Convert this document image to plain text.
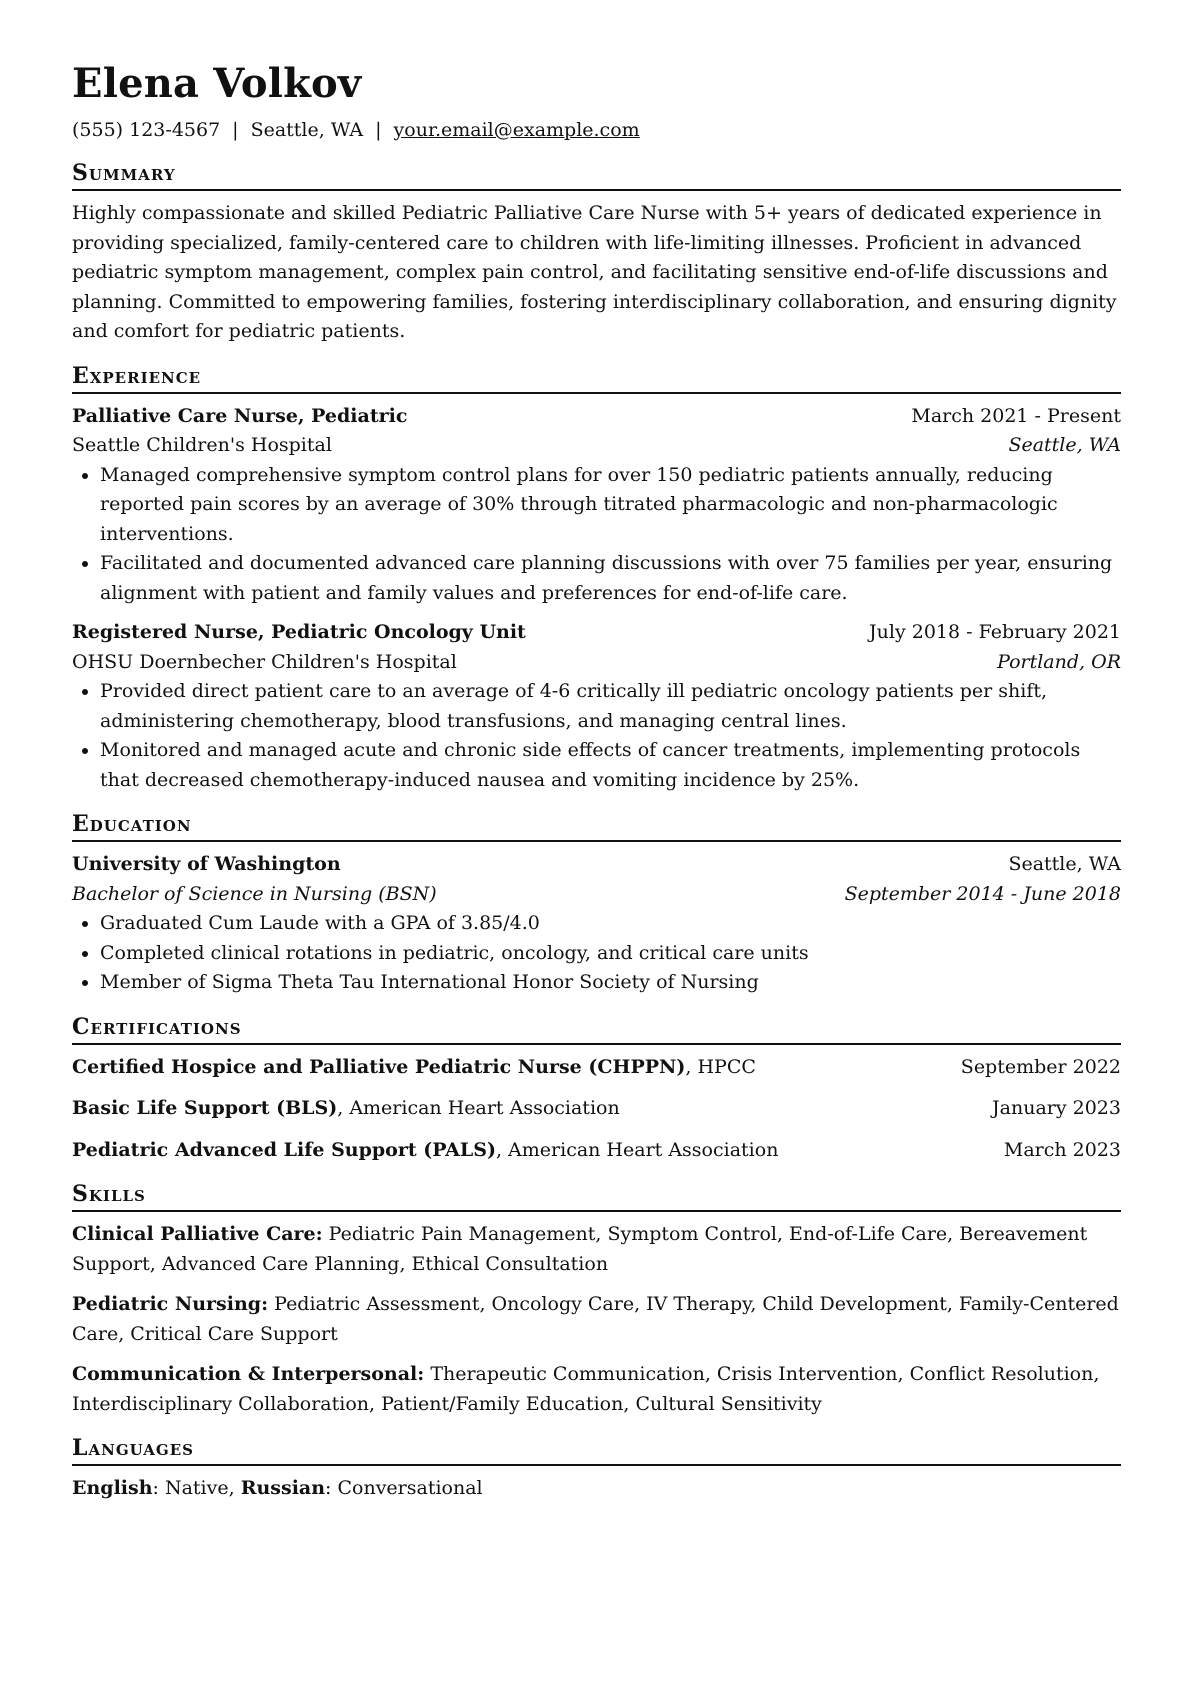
Elena Volkov
(555) 123-4567 | Seattle, WA | your.email@example.com
Summary

Highly compassionate and skilled Pediatric Palliative Care Nurse with 5+ years of dedicated experience in providing specialized, family-centered care to children with life-limiting illnesses. Proficient in advanced pediatric symptom management, complex pain control, and facilitating sensitive end-of-life discussions and planning. Committed to empowering families, fostering interdisciplinary collaboration, and ensuring dignity and comfort for pediatric patients.

Experience
Palliative Care Nurse, Pediatric	March 2021 - Present
Seattle Children's Hospital	Seattle, WA
• Managed comprehensive symptom control plans for over 150 pediatric patients annually, reducing reported pain scores by an average of 30% through titrated pharmacologic and non-pharmacologic interventions.
• Facilitated and documented advanced care planning discussions with over 75 families per year, ensuring alignment with patient and family values and preferences for end-of-life care.
Registered Nurse, Pediatric Oncology Unit	July 2018 - February 2021
OHSU Doernbecher Children's Hospital	Portland, OR
• Provided direct patient care to an average of 4-6 critically ill pediatric oncology patients per shift, administering chemotherapy, blood transfusions, and managing central lines.
• Monitored and managed acute and chronic side effects of cancer treatments, implementing protocols that decreased chemotherapy-induced nausea and vomiting incidence by 25%.
Education
University of Washington	Seattle, WA
Bachelor of Science in Nursing (BSN)	September 2014 - June 2018
• Graduated Cum Laude with a GPA of 3.85/4.0
• Completed clinical rotations in pediatric, oncology, and critical care units
• Member of Sigma Theta Tau International Honor Society of Nursing
Certifications
Certified Hospice and Palliative Pediatric Nurse (CHPPN), HPCC	September 2022
Basic Life Support (BLS), American Heart Association	January 2023
Pediatric Advanced Life Support (PALS), American Heart Association	March 2023
Skills
Clinical Palliative Care: Pediatric Pain Management, Symptom Control, End-of-Life Care, Bereavement Support, Advanced Care Planning, Ethical Consultation
Pediatric Nursing: Pediatric Assessment, Oncology Care, IV Therapy, Child Development, Family-Centered Care, Critical Care Support
Communication & Interpersonal: Therapeutic Communication, Crisis Intervention, Conflict Resolution, Interdisciplinary Collaboration, Patient/Family Education, Cultural Sensitivity
Languages
English: Native, Russian: Conversational
